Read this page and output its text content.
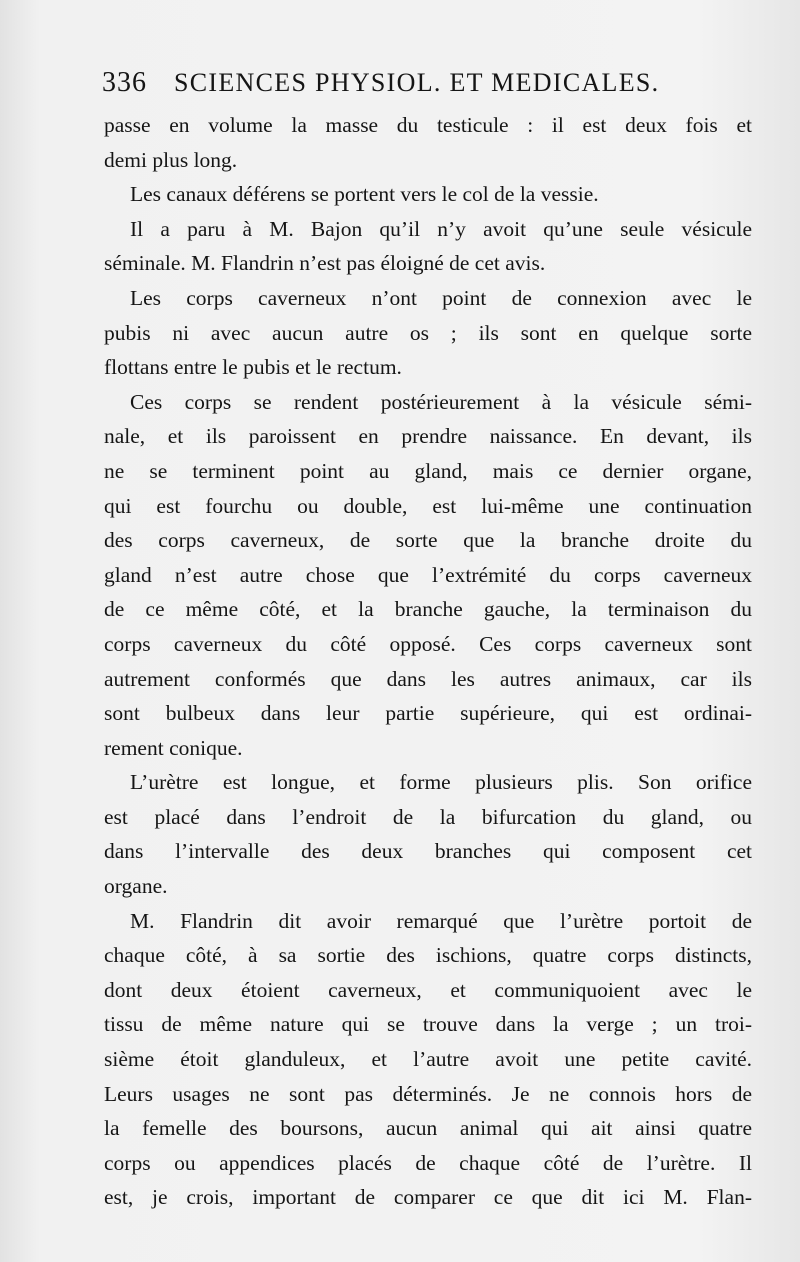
336 SCIENCES PHYSIOL. ET MEDICALES.
passe en volume la masse du testicule : il est deux fois et
demi plus long.
Les canaux déférens se portent vers le col de la vessie.
Il a paru à M. Bajon qu’il n’y avoit qu’une seule vésicule
séminale. M. Flandrin n’est pas éloigné de cet avis.
Les corps caverneux n’ont point de connexion avec le
pubis ni avec aucun autre os ; ils sont en quelque sorte
flottans entre le pubis et le rectum.
Ces corps se rendent postérieurement à la vésicule sémi-
nale, et ils paroissent en prendre naissance. En devant, ils
ne se terminent point au gland, mais ce dernier organe,
qui est fourchu ou double, est lui-même une continuation
des corps caverneux, de sorte que la branche droite du
gland n’est autre chose que l’extrémité du corps caverneux
de ce même côté, et la branche gauche, la terminaison du
corps caverneux du côté opposé. Ces corps caverneux sont
autrement conformés que dans les autres animaux, car ils
sont bulbeux dans leur partie supérieure, qui est ordinai-
rement conique.
L’urètre est longue, et forme plusieurs plis. Son orifice
est placé dans l’endroit de la bifurcation du gland, ou
dans l’intervalle des deux branches qui composent cet
organe.
M. Flandrin dit avoir remarqué que l’urètre portoit de
chaque côté, à sa sortie des ischions, quatre corps distincts,
dont deux étoient caverneux, et communiquoient avec le
tissu de même nature qui se trouve dans la verge ; un troi-
sième étoit glanduleux, et l’autre avoit une petite cavité.
Leurs usages ne sont pas déterminés. Je ne connois hors de
la femelle des boursons, aucun animal qui ait ainsi quatre
corps ou appendices placés de chaque côté de l’urètre. Il
est, je crois, important de comparer ce que dit ici M. Flan-
